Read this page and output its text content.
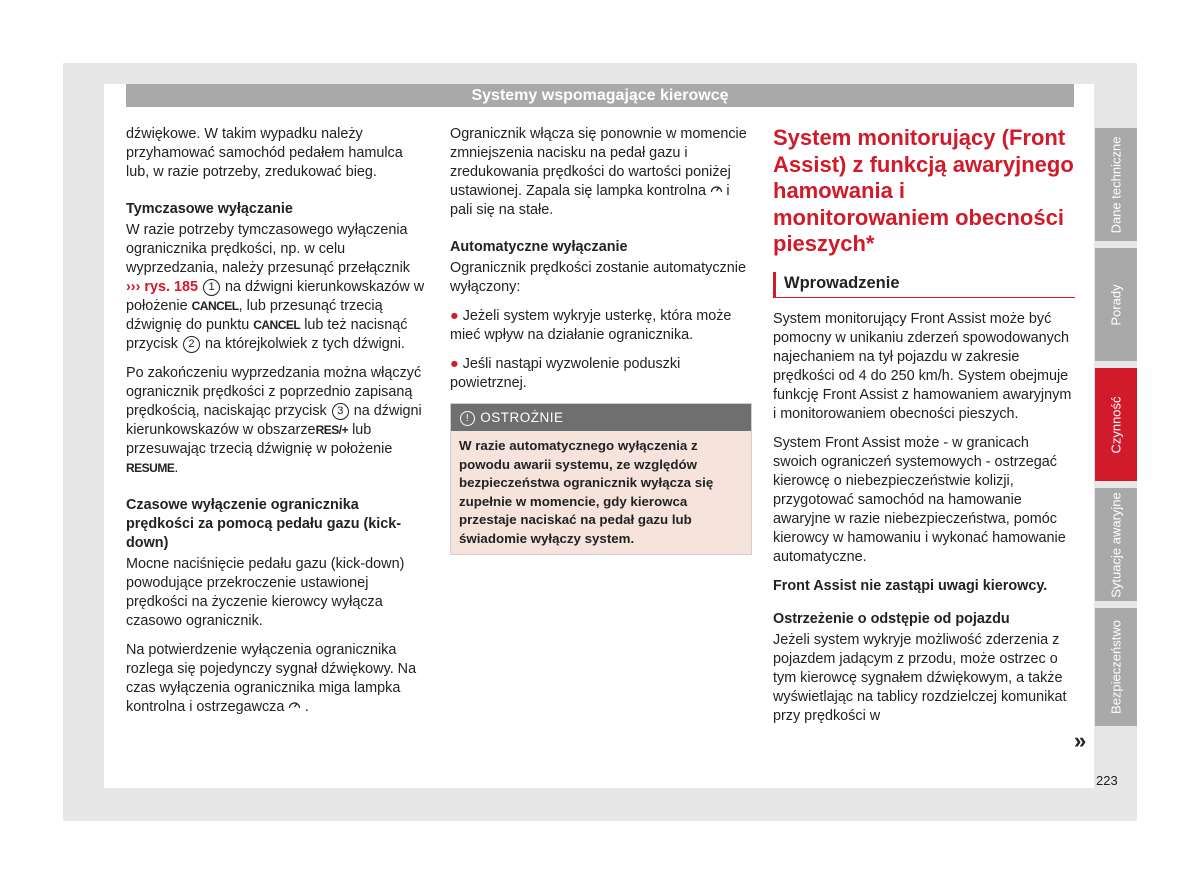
Systemy wspomagające kierowcę

dźwiękowe. W takim wypadku należy przyhamować samochód pedałem hamulca lub, w razie potrzeby, zredukować bieg.

Tymczasowe wyłączanie

W razie potrzeby tymczasowego wyłączenia ogranicznika prędkości, np. w celu wyprzedzania, należy przesunąć przełącznik ››› rys. 185 1 na dźwigni kierunkowskazów w położenie CANCEL, lub przesunąć trzecią dźwignię do punktu CANCEL lub też nacisnąć przycisk 2 na którejkolwiek z tych dźwigni.

Po zakończeniu wyprzedzania można włączyć ogranicznik prędkości z poprzednio zapisaną prędkością, naciskając przycisk 3 na dźwigni kierunkowskazów w obszarzeRES/+ lub przesuwając trzecią dźwignię w położenie RESUME.

Czasowe wyłączenie ogranicznika prędkości za pomocą pedału gazu (kick-down)

Mocne naciśnięcie pedału gazu (kick-down) powodujące przekroczenie ustawionej prędkości na życzenie kierowcy wyłącza czasowo ogranicznik.

Na potwierdzenie wyłączenia ogranicznika rozlega się pojedynczy sygnał dźwiękowy. Na czas wyłączenia ogranicznika miga lampka kontrolna i ostrzegawcza .

Ogranicznik włącza się ponownie w momencie zmniejszenia nacisku na pedał gazu i zredukowania prędkości do wartości poniżej ustawionej. Zapala się lampka kontrolna i pali się na stałe.

Automatyczne wyłączanie

Ogranicznik prędkości zostanie automatycznie wyłączony:

● Jeżeli system wykryje usterkę, która może mieć wpływ na działanie ogranicznika.

● Jeśli nastąpi wyzwolenie poduszki powietrznej.

! OSTROŻNIE
W razie automatycznego wyłączenia z powodu awarii systemu, ze względów bezpieczeństwa ogranicznik wyłącza się zupełnie w momencie, gdy kierowca przestaje naciskać na pedał gazu lub świadomie wyłączy system.
System monitorujący (Front Assist) z funkcją awaryjnego hamowania i monitorowaniem obecności pieszych*
Wprowadzenie

System monitorujący Front Assist może być pomocny w unikaniu zderzeń spowodowanych najechaniem na tył pojazdu w zakresie prędkości od 4 do 250 km/h. System obejmuje funkcję Front Assist z hamowaniem awaryjnym i monitorowaniem obecności pieszych.

System Front Assist może - w granicach swoich ograniczeń systemowych - ostrzegać kierowcę o niebezpieczeństwie kolizji, przygotować samochód na hamowanie awaryjne w razie niebezpieczeństwa, pomóc kierowcy w hamowaniu i wykonać hamowanie automatyczne.

Front Assist nie zastąpi uwagi kierowcy.

Ostrzeżenie o odstępie od pojazdu

Jeżeli system wykryje możliwość zderzenia z pojazdem jadącym z przodu, może ostrzec o tym kierowcę sygnałem dźwiękowym, a także wyświetlając na tablicy rozdzielczej komunikat przy prędkości w

Dane techniczne
Porady
Czynność
Sytuacje awaryjne
Bezpieczeństwo
»
223
